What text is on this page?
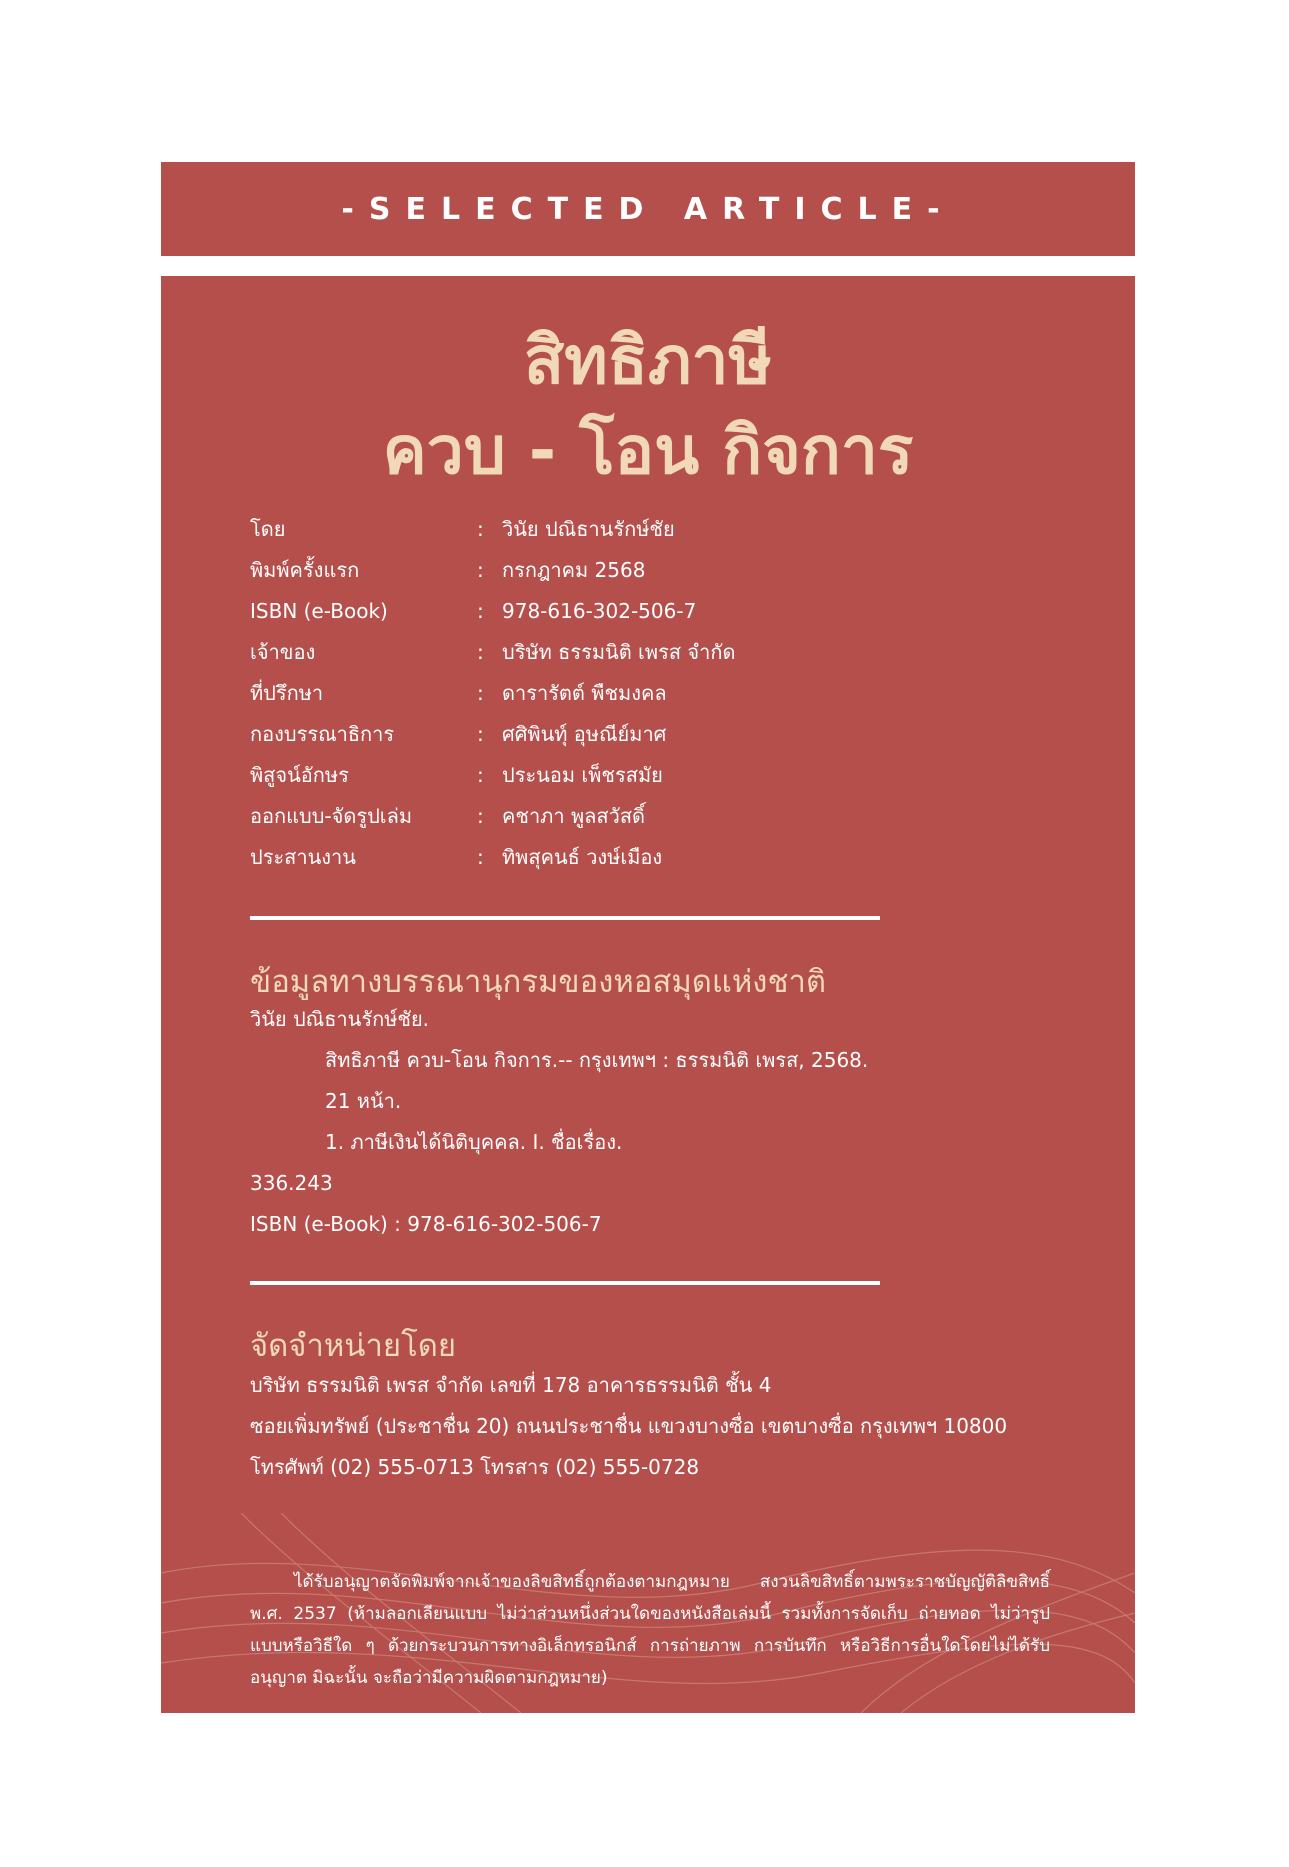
-SELECTED ARTICLE-
สิทธิภาษี
ควบ - โอน กิจการ
โดย	: วินัย ปณิธานรักษ์ชัย
พิมพ์ครั้งแรก	: กรกฎาคม 2568
ISBN (e-Book)	: 978-616-302-506-7
เจ้าของ	: บริษัท ธรรมนิติ เพรส จำกัด
ที่ปรึกษา	: ดารารัตต์ พืชมงคล
กองบรรณาธิการ	: ศศิพินทุ์ อุษณีย์มาศ
พิสูจน์อักษร	: ประนอม เพ็ชรสมัย
ออกแบบ-จัดรูปเล่ม	: คชาภา พูลสวัสดิ์
ประสานงาน	: ทิพสุคนธ์ วงษ์เมือง
ข้อมูลทางบรรณานุกรมของหอสมุดแห่งชาติ
วินัย ปณิธานรักษ์ชัย.
สิทธิภาษี ควบ-โอน กิจการ.-- กรุงเทพฯ : ธรรมนิติ เพรส, 2568.
21 หน้า.
1. ภาษีเงินได้นิติบุคคล. I. ชื่อเรื่อง.
336.243
ISBN (e-Book) : 978-616-302-506-7
จัดจำหน่ายโดย
บริษัท ธรรมนิติ เพรส จำกัด เลขที่ 178 อาคารธรรมนิติ ชั้น 4
ซอยเพิ่มทรัพย์ (ประชาชื่น 20) ถนนประชาชื่น แขวงบางซื่อ เขตบางซื่อ กรุงเทพฯ 10800
โทรศัพท์ (02) 555-0713 โทรสาร (02) 555-0728
ได้รับอนุญาตจัดพิมพ์จากเจ้าของลิขสิทธิ์ถูกต้องตามกฎหมาย สงวนลิขสิทธิ์ตามพระราชบัญญัติลิขสิทธิ์ พ.ศ. 2537 (ห้ามลอกเลียนแบบ ไม่ว่าส่วนหนึ่งส่วนใดของหนังสือเล่มนี้ รวมทั้งการจัดเก็บ ถ่ายทอด ไม่ว่ารูปแบบหรือวิธีใด ๆ ด้วยกระบวนการทางอิเล็กทรอนิกส์ การถ่ายภาพ การบันทึก หรือวิธีการอื่นใดโดยไม่ได้รับอนุญาต มิฉะนั้น จะถือว่ามีความผิดตามกฎหมาย)
